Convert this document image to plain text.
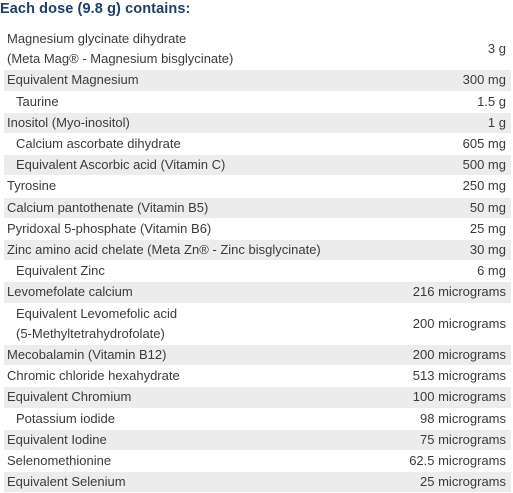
Each dose (9.8 g) contains:
Magnesium glycinate dihydrate
(Meta Mag® - Magnesium bisglycinate)	3 g

Equivalent Magnesium	300 mg

Taurine	1.5 g

Inositol (Myo-inositol)	1 g

Calcium ascorbate dihydrate	605 mg

Equivalent Ascorbic acid (Vitamin C)	500 mg

Tyrosine	250 mg

Calcium pantothenate (Vitamin B5)	50 mg

Pyridoxal 5-phosphate (Vitamin B6)	25 mg

Zinc amino acid chelate (Meta Zn® - Zinc bisglycinate)	30 mg

Equivalent Zinc	6 mg

Levomefolate calcium	216 micrograms

Equivalent Levomefolic acid
(5-Methyltetrahydrofolate)	200 micrograms

Mecobalamin (Vitamin B12)	200 micrograms

Chromic chloride hexahydrate	513 micrograms

Equivalent Chromium	100 micrograms

Potassium iodide	98 micrograms

Equivalent Iodine	75 micrograms

Selenomethionine	62.5 micrograms

Equivalent Selenium	25 micrograms
